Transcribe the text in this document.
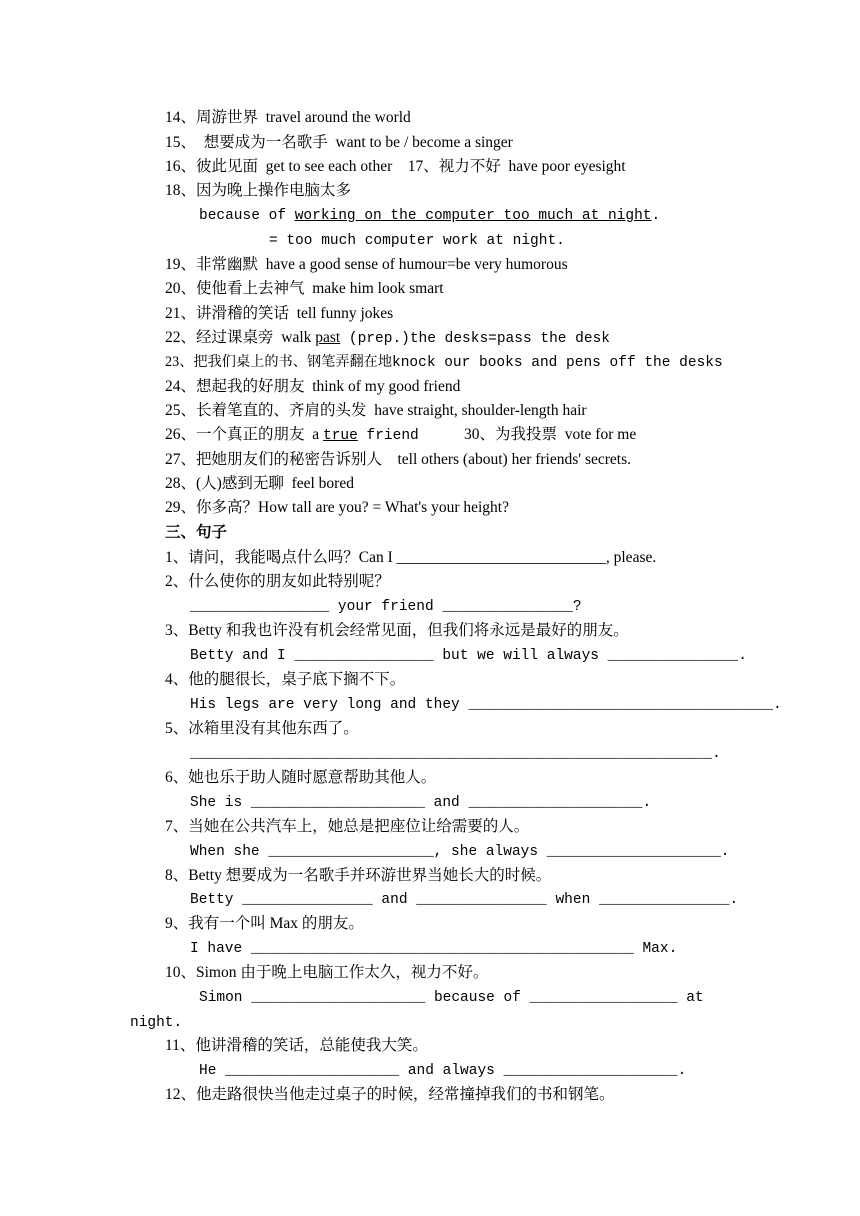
14、周游世界  travel around the world
15、  想要成为一名歌手  want to be / become a singer
16、彼此见面  get to see each other    17、视力不好  have poor eyesight
18、因为晚上操作电脑太多
because of working on the computer too much at night.
= too much computer work at night.
19、非常幽默  have a good sense of humour=be very humorous
20、使他看上去神气  make him look smart
21、讲滑稽的笑话  tell funny jokes
22、经过课桌旁  walk past (prep.)the desks=pass the desk
23、把我们桌上的书、钢笔弄翻在地knock our books and pens off the desks
24、想起我的好朋友  think of my good friend
25、长着笔直的、齐肩的头发  have straight, shoulder-length hair
26、一个真正的朋友  a true friend	30、为我投票  vote for me
27、把她朋友们的秘密告诉别人    tell others (about) her friends' secrets.
28、(人)感到无聊  feel bored
29、你多高？How tall are you? = What's your height?
三、句子
1、请问，我能喝点什么吗？Can I ___________________________, please.
2、什么使你的朋友如此特别呢？
________________ your friend _______________?
3、Betty 和我也许没有机会经常见面，但我们将永远是最好的朋友。
Betty and I ________________ but we will always _______________.
4、他的腿很长，桌子底下搁不下。
His legs are very long and they ___________________________________.
5、冰箱里没有其他东西了。
____________________________________________________________.
6、她也乐于助人随时愿意帮助其他人。
She is ____________________ and ____________________.
7、当她在公共汽车上，她总是把座位让给需要的人。
When she ___________________, she always ____________________.
8、Betty 想要成为一名歌手并环游世界当她长大的时候。
Betty _______________ and _______________ when _______________.
9、我有一个叫 Max 的朋友。
I have ____________________________________________ Max.
10、Simon 由于晚上电脑工作太久，视力不好。
Simon ____________________ because of _________________ at
night.
11、他讲滑稽的笑话，总能使我大笑。
He ____________________ and always ____________________.
12、他走路很快当他走过桌子的时候，经常撞掉我们的书和钢笔。
